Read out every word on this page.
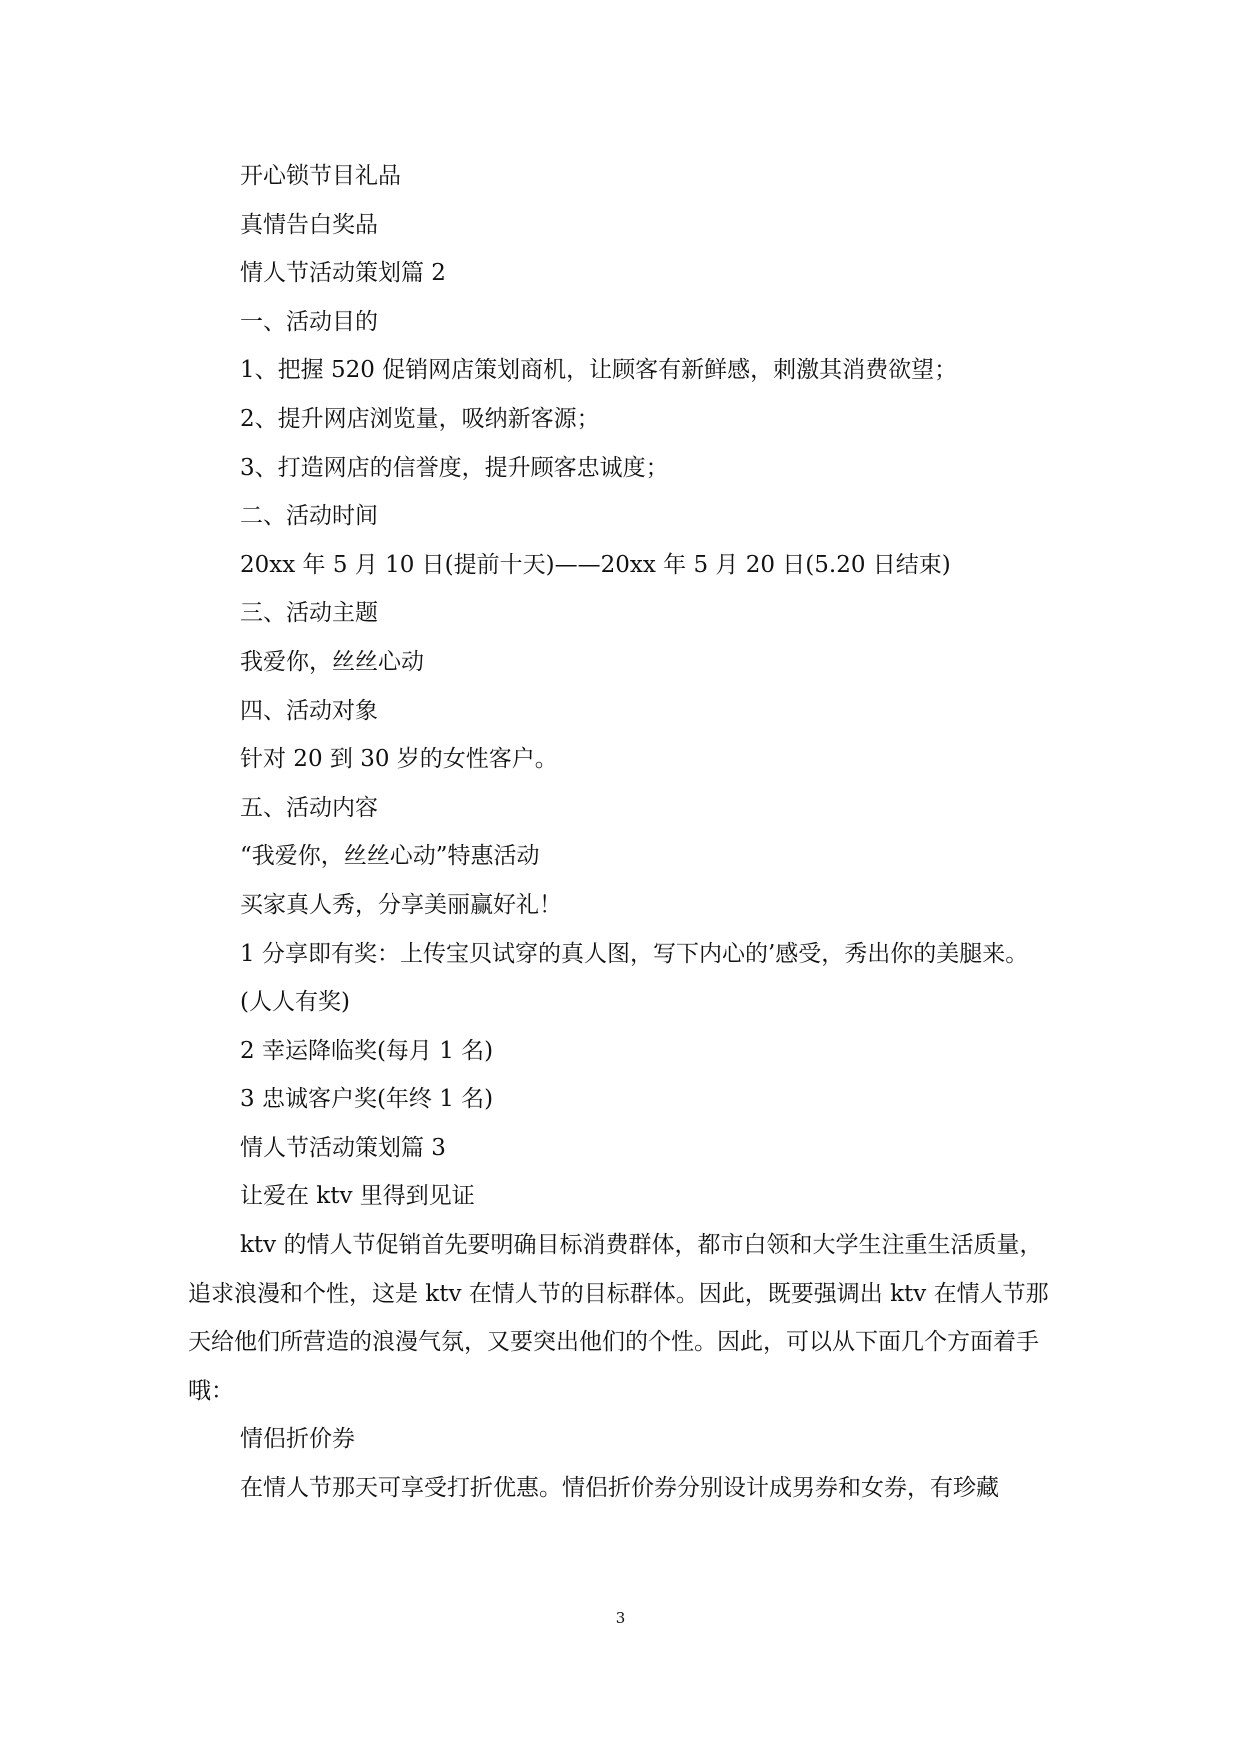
开心锁节目礼品

真情告白奖品

情人节活动策划篇 2

一、活动目的

1、把握 520 促销网店策划商机，让顾客有新鲜感，刺激其消费欲望；

2、提升网店浏览量，吸纳新客源；

3、打造网店的信誉度，提升顾客忠诚度；

二、活动时间

20xx 年 5 月 10 日(提前十天)——20xx 年 5 月 20 日(5.20 日结束)

三、活动主题

我爱你，丝丝心动

四、活动对象

针对 20 到 30 岁的女性客户。

五、活动内容

“我爱你，丝丝心动”特惠活动

买家真人秀，分享美丽赢好礼！

1 分享即有奖：上传宝贝试穿的真人图，写下内心的’感受，秀出你的美腿来。

(人人有奖)

2 幸运降临奖(每月 1 名)

3 忠诚客户奖(年终 1 名)

情人节活动策划篇 3

让爱在 ktv 里得到见证

ktv 的情人节促销首先要明确目标消费群体，都市白领和大学生注重生活质量，追求浪漫和个性，这是 ktv 在情人节的目标群体。因此，既要强调出 ktv 在情人节那天给他们所营造的浪漫气氛，又要突出他们的个性。因此，可以从下面几个方面着手哦：

情侣折价券

在情人节那天可享受打折优惠。情侣折价券分别设计成男券和女券，有珍藏

3
